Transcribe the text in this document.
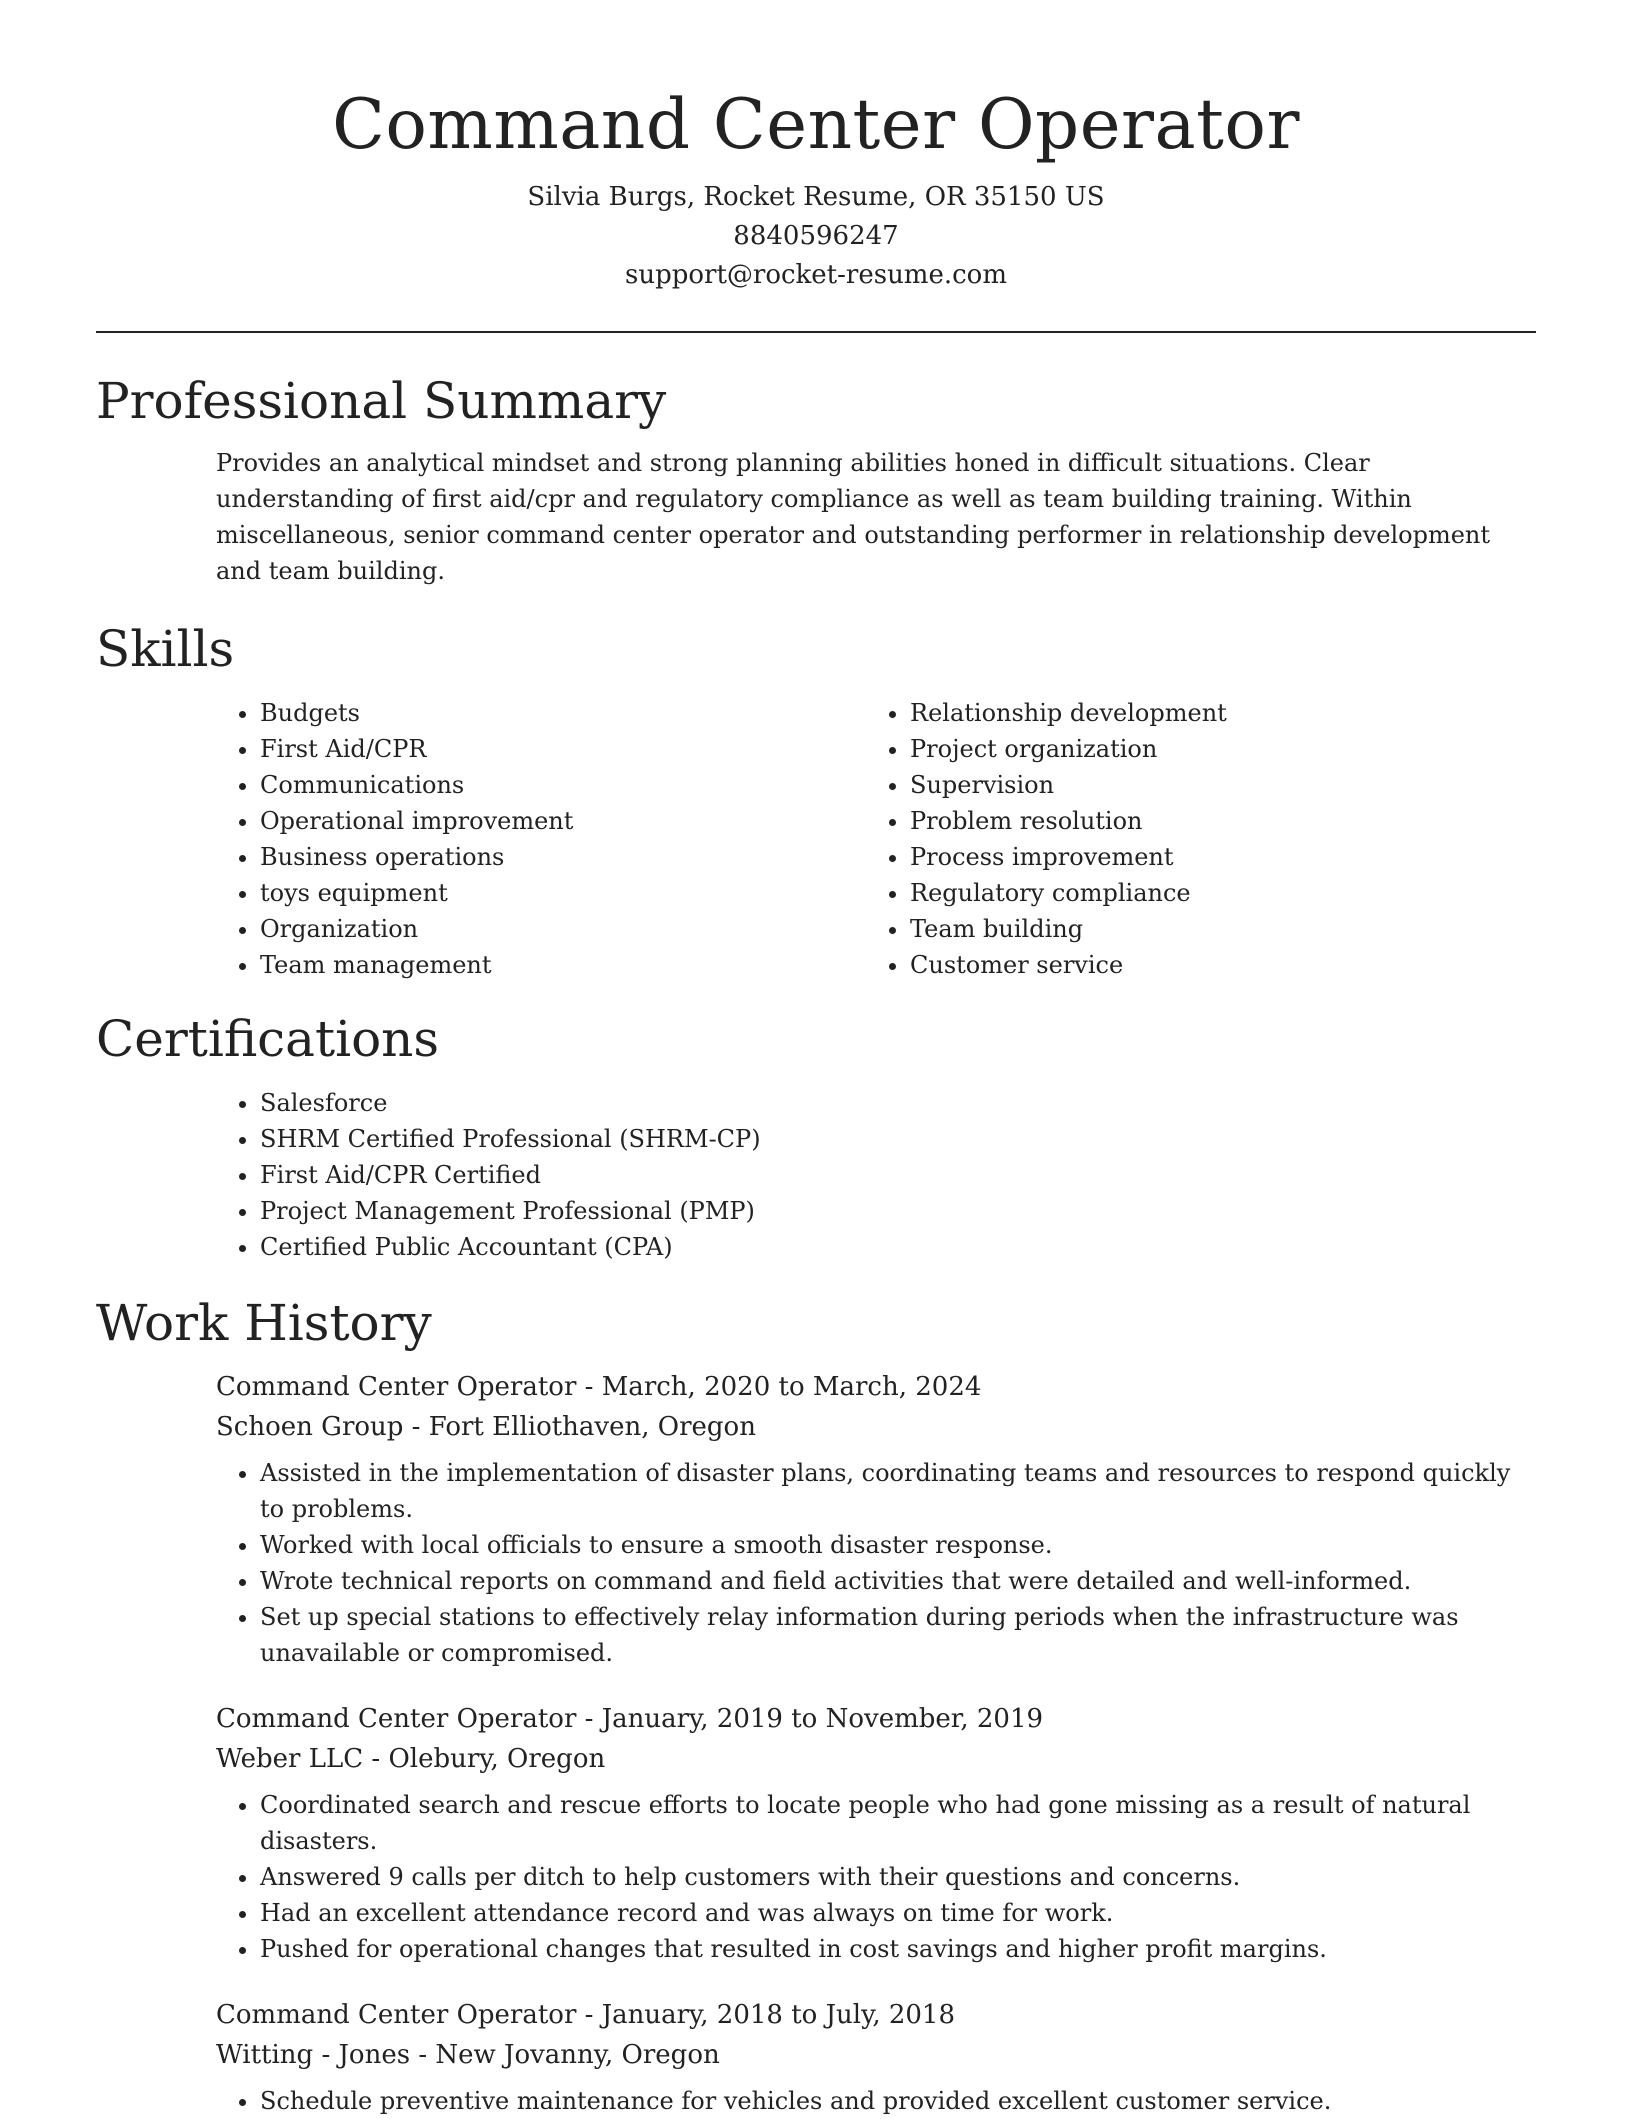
Command Center Operator

Silvia Burgs, Rocket Resume, OR 35150 US

8840596247

support@rocket-resume.com

Professional Summary

Provides an analytical mindset and strong planning abilities honed in difficult situations. Clear understanding of first aid/cpr and regulatory compliance as well as team building training. Within miscellaneous, senior command center operator and outstanding performer in relationship development and team building.

Skills
• Budgets
• First Aid/CPR
• Communications
• Operational improvement
• Business operations
• toys equipment
• Organization
• Team management
• Relationship development
• Project organization
• Supervision
• Problem resolution
• Process improvement
• Regulatory compliance
• Team building
• Customer service
Certifications
• Salesforce
• SHRM Certified Professional (SHRM-CP)
• First Aid/CPR Certified
• Project Management Professional (PMP)
• Certified Public Accountant (CPA)
Work History

Command Center Operator - March, 2020 to March, 2024

Schoen Group - Fort Elliothaven, Oregon

• Assisted in the implementation of disaster plans, coordinating teams and resources to respond quickly to problems.
• Worked with local officials to ensure a smooth disaster response.
• Wrote technical reports on command and field activities that were detailed and well-informed.
• Set up special stations to effectively relay information during periods when the infrastructure was unavailable or compromised.

Command Center Operator - January, 2019 to November, 2019

Weber LLC - Olebury, Oregon

• Coordinated search and rescue efforts to locate people who had gone missing as a result of natural disasters.
• Answered 9 calls per ditch to help customers with their questions and concerns.
• Had an excellent attendance record and was always on time for work.
• Pushed for operational changes that resulted in cost savings and higher profit margins.

Command Center Operator - January, 2018 to July, 2018

Witting - Jones - New Jovanny, Oregon

• Schedule preventive maintenance for vehicles and provided excellent customer service.
